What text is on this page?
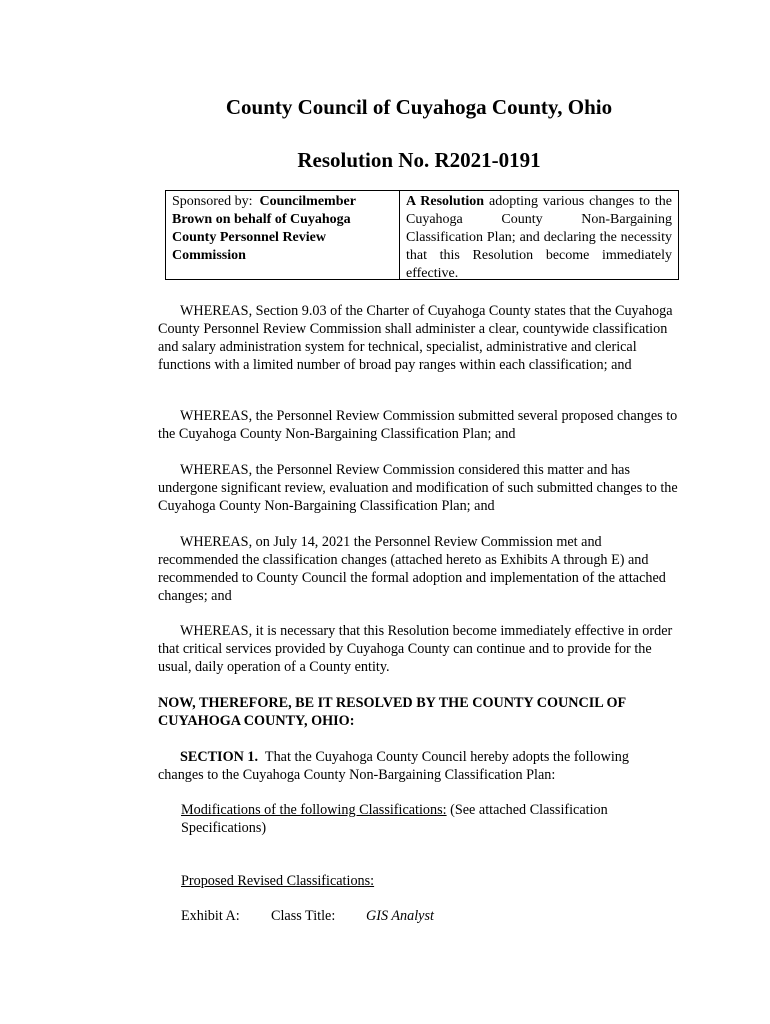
County Council of Cuyahoga County, Ohio
Resolution No. R2021-0191
Sponsored by: Councilmember Brown on behalf of Cuyahoga County Personnel Review Commission
A Resolution adopting various changes to the Cuyahoga County Non-Bargaining Classification Plan; and declaring the necessity that this Resolution become immediately effective.
WHEREAS, Section 9.03 of the Charter of Cuyahoga County states that the Cuyahoga County Personnel Review Commission shall administer a clear, countywide classification and salary administration system for technical, specialist, administrative and clerical functions with a limited number of broad pay ranges within each classification; and
WHEREAS, the Personnel Review Commission submitted several proposed changes to the Cuyahoga County Non-Bargaining Classification Plan; and
WHEREAS, the Personnel Review Commission considered this matter and has undergone significant review, evaluation and modification of such submitted changes to the Cuyahoga County Non-Bargaining Classification Plan; and
WHEREAS, on July 14, 2021 the Personnel Review Commission met and recommended the classification changes (attached hereto as Exhibits A through E) and recommended to County Council the formal adoption and implementation of the attached changes; and
WHEREAS, it is necessary that this Resolution become immediately effective in order that critical services provided by Cuyahoga County can continue and to provide for the usual, daily operation of a County entity.
NOW, THEREFORE, BE IT RESOLVED BY THE COUNTY COUNCIL OF CUYAHOGA COUNTY, OHIO:
SECTION 1. That the Cuyahoga County Council hereby adopts the following changes to the Cuyahoga County Non-Bargaining Classification Plan:
Modifications of the following Classifications: (See attached Classification Specifications)
Proposed Revised Classifications:
Exhibit A:	Class Title:	GIS Analyst
